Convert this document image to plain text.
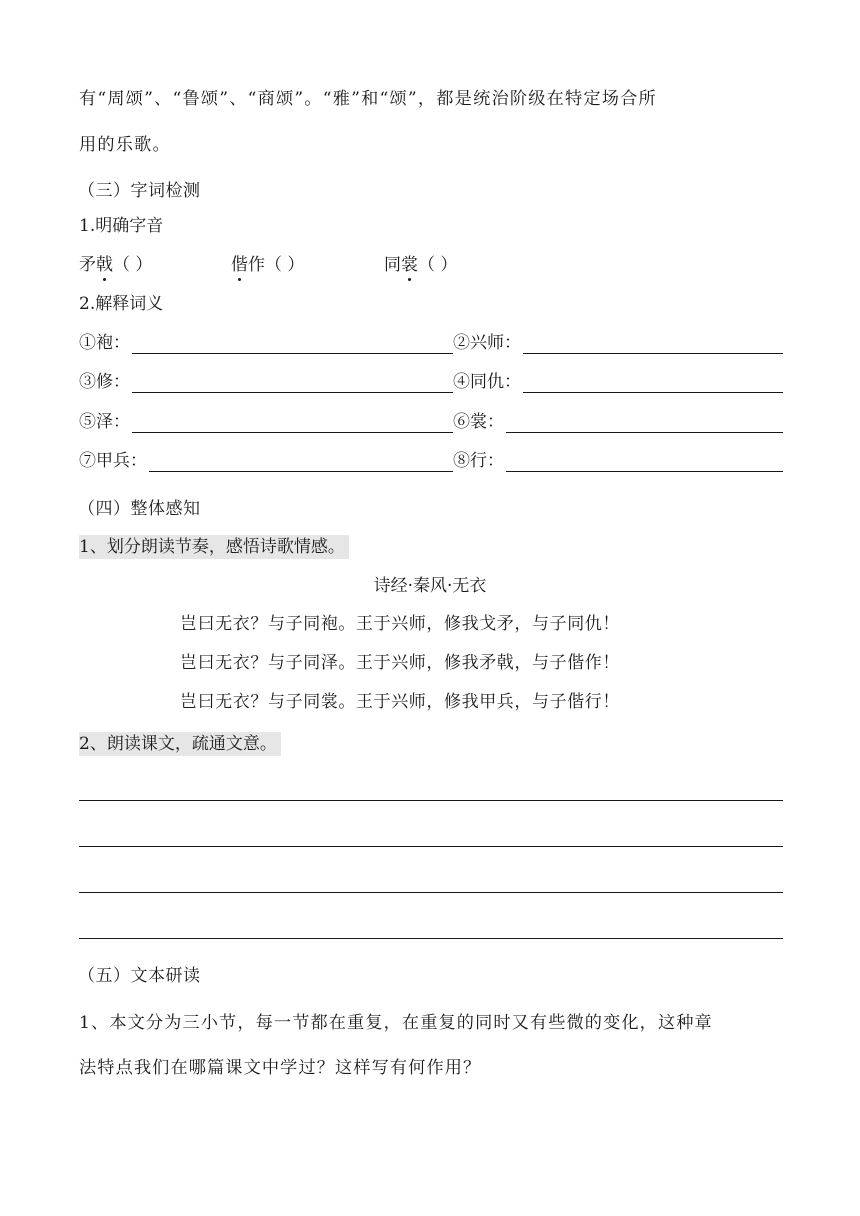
有“周颂”、“鲁颂”、“商颂”。“雅”和“颂”，都是统治阶级在特定场合所
用的乐歌。
（三）字词检测
1.明确字音
矛戟（ ）	偕作（ ）	同裳（ ）
2.解释词义
①袍：	②兴师：
③修：	④同仇：
⑤泽：	⑥裳：
⑦甲兵：	⑧行：
（四）整体感知
1、划分朗读节奏，感悟诗歌情感。
诗经·秦风·无衣
岂曰无衣？与子同袍。王于兴师，修我戈矛，与子同仇！
岂曰无衣？与子同泽。王于兴师，修我矛戟，与子偕作！
岂曰无衣？与子同裳。王于兴师，修我甲兵，与子偕行！
2、朗读课文，疏通文意。
（五）文本研读
1、本文分为三小节，每一节都在重复，在重复的同时又有些微的变化，这种章
法特点我们在哪篇课文中学过？这样写有何作用？
